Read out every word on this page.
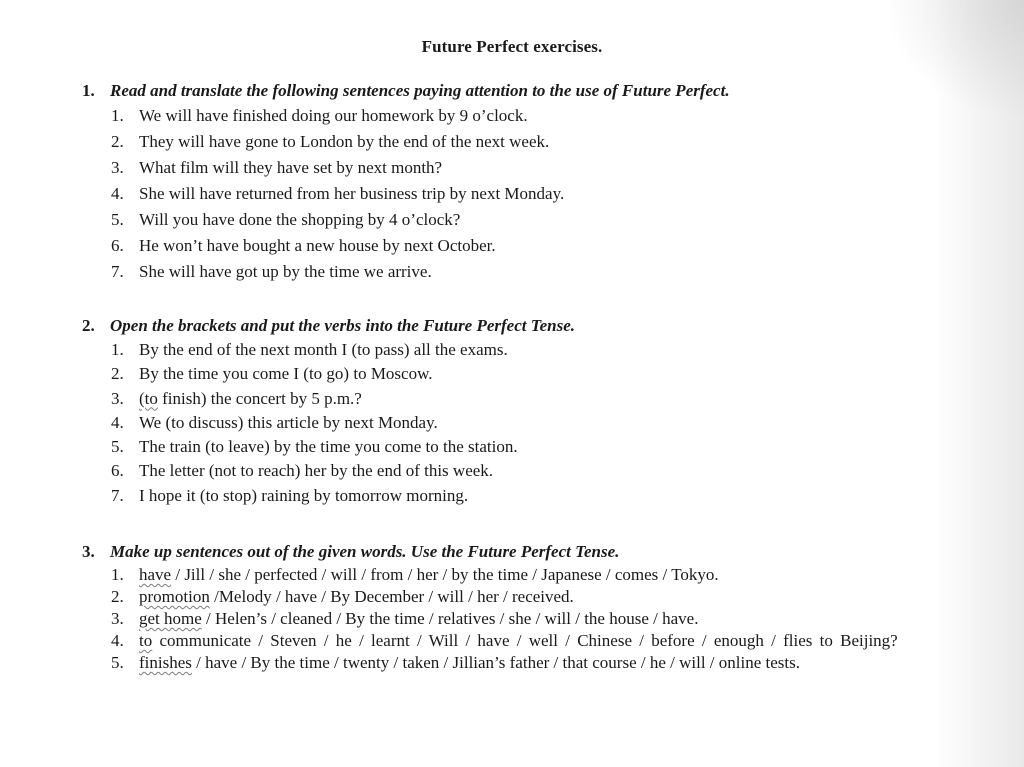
Future Perfect exercises.
1. Read and translate the following sentences paying attention to the use of Future Perfect.
1. We will have finished doing our homework by 9 o’clock.
2. They will have gone to London by the end of the next week.
3. What film will they have set by next month?
4. She will have returned from her business trip by next Monday.
5. Will you have done the shopping by 4 o’clock?
6. He won’t have bought a new house by next October.
7. She will have got up by the time we arrive.
2. Open the brackets and put the verbs into the Future Perfect Tense.
1. By the end of the next month I (to pass) all the exams.
2. By the time you come I (to go) to Moscow.
3. (to finish) the concert by 5 p.m.?
4. We (to discuss) this article by next Monday.
5. The train (to leave) by the time you come to the station.
6. The letter (not to reach) her by the end of this week.
7. I hope it (to stop) raining by tomorrow morning.
3. Make up sentences out of the given words. Use the Future Perfect Tense.
1. have / Jill / she / perfected / will / from / her / by the time / Japanese / comes / Tokyo.
2. promotion /Melody / have / By December / will / her / received.
3. get home / Helen’s / cleaned / By the time / relatives / she / will / the house / have.
4. to communicate / Steven / he / learnt / Will / have / well / Chinese / before / enough / flies to Beijing?
5. finishes / have / By the time / twenty / taken / Jillian’s father / that course / he / will / online tests.
